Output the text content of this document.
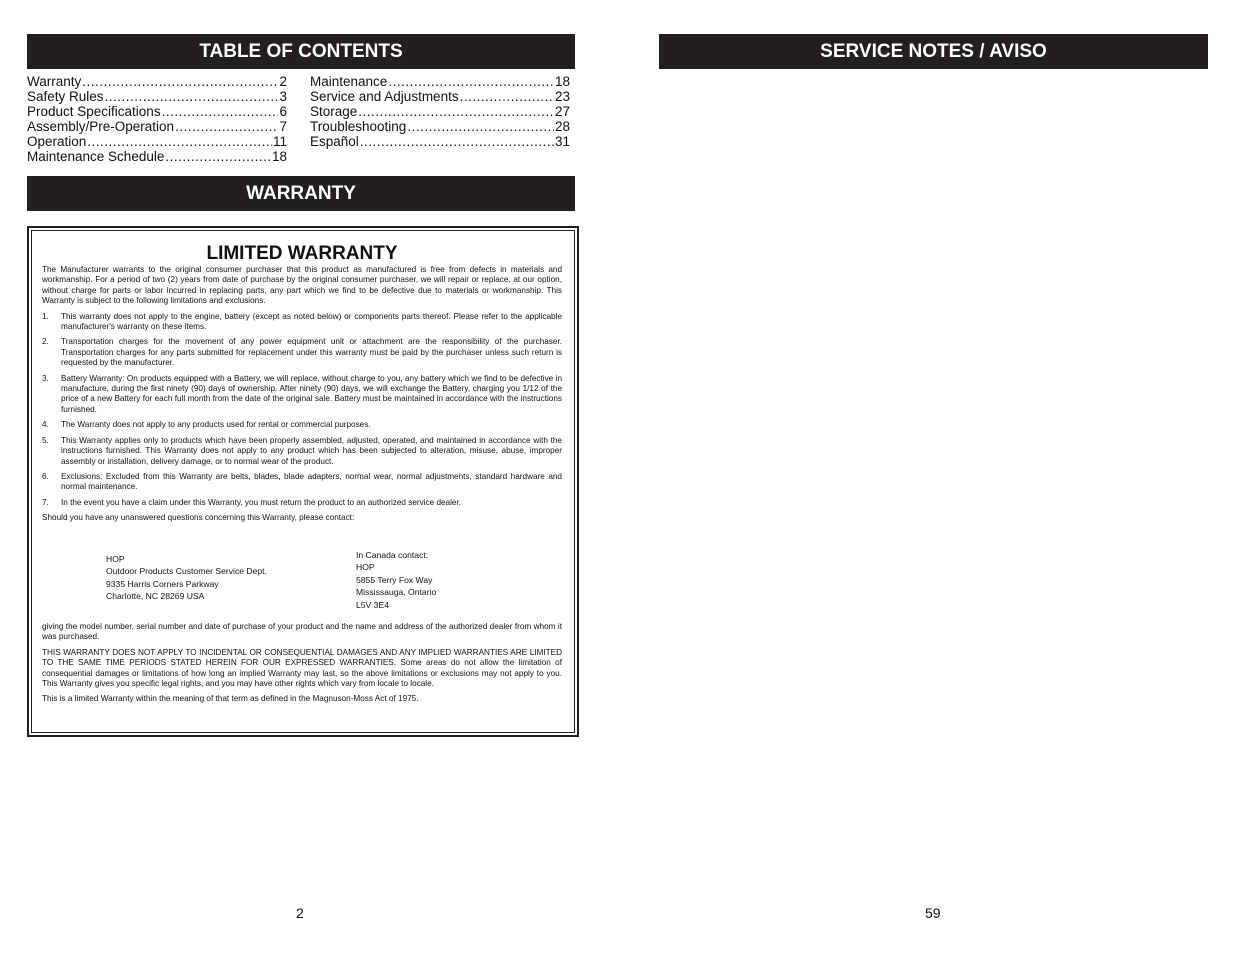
TABLE OF CONTENTS
Warranty .....	2
Safety Rules .....	3
Product Specifications .....	6
Assembly/Pre-Operation .....	7
Operation .....	11
Maintenance Schedule .....	18
Maintenance .....	18
Service and Adjustments .....	23
Storage .....	27
Troubleshooting .....	28
Español .....	31
WARRANTY
LIMITED WARRANTY

The Manufacturer warrants to the original consumer purchaser that this product as manufactured is free from defects in materials and workmanship. For a period of two (2) years from date of purchase by the original consumer purchaser, we will repair or replace, at our option, without charge for parts or labor incurred in replacing parts, any part which we find to be defective due to materials or workmanship. This Warranty is subject to the following limitations and exclusions.

1.	This warranty does not apply to the engine, battery (except as noted below) or components parts thereof. Please refer to the applicable manufacturer's warranty on these items.
2.	Transportation charges for the movement of any power equipment unit or attachment are the responsibility of the purchaser. Transportation charges for any parts submitted for replacement under this warranty must be paid by the purchaser unless such return is requested by the manufacturer.
3.	Battery Warranty: On products equipped with a Battery, we will replace, without charge to you, any battery which we find to be defective in manufacture, during the first ninety (90) days of ownership. After ninety (90) days, we will exchange the Battery, charging you 1/12 of the price of a new Battery for each full month from the date of the original sale. Battery must be maintained in accordance with the instructions furnished.
4.	The Warranty does not apply to any products used for rental or commercial purposes.
5.	This Warranty applies only to products which have been properly assembled, adjusted, operated, and maintained in accordance with the instructions furnished. This Warranty does not apply to any product which has been subjected to alteration, misuse, abuse, improper assembly or installation, delivery damage, or to normal wear of the product.
6.	Exclusions: Excluded from this Warranty are belts, blades, blade adapters, normal wear, normal adjustments, standard hardware and normal maintenance.
7.	In the event you have a claim under this Warranty, you must return the product to an authorized service dealer.

Should you have any unanswered questions concerning this Warranty, please contact:

HOP
Outdoor Products Customer Service Dept.
9335 Harris Corners Parkway
Charlotte, NC 28269 USA
In Canada contact:
HOP
5855 Terry Fox Way
Mississauga, Ontario
L5V 3E4

giving the model number, serial number and date of purchase of your product and the name and address of the authorized dealer from whom it was purchased.

THIS WARRANTY DOES NOT APPLY TO INCIDENTAL OR CONSEQUENTIAL DAMAGES AND ANY IMPLIED WARRANTIES ARE LIMITED TO THE SAME TIME PERIODS STATED HEREIN FOR OUR EXPRESSED WARRANTIES. Some areas do not allow the limitation of consequential damages or limitations of how long an implied Warranty may last, so the above limitations or exclusions may not apply to you. This Warranty gives you specific legal rights, and you may have other rights which vary from locale to locale.

This is a limited Warranty within the meaning of that term as defined in the Magnuson-Moss Act of 1975.

SERVICE NOTES / AVISO
2	59
